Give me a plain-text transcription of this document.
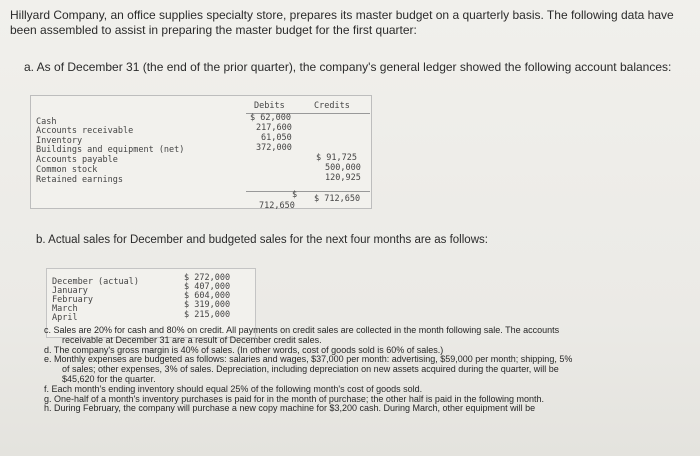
Hillyard Company, an office supplies specialty store, prepares its master budget on a quarterly basis. The following data have been assembled to assist in preparing the master budget for the first quarter:
a. As of December 31 (the end of the prior quarter), the company's general ledger showed the following account balances:
Debits	Credits
Cash
Accounts receivable
Inventory
Buildings and equipment (net)
Accounts payable
Common stock
Retained earnings
$ 62,000
217,600
61,050
372,000
$ 91,725
500,000
120,925
$
712,650
$ 712,650
b. Actual sales for December and budgeted sales for the next four months are as follows:
December (actual)
January
February
March
April
$ 272,000
$ 407,000
$ 604,000
$ 319,000
$ 215,000
c. Sales are 20% for cash and 80% on credit. All payments on credit sales are collected in the month following sale. The accounts
receivable at December 31 are a result of December credit sales.
d. The company's gross margin is 40% of sales. (In other words, cost of goods sold is 60% of sales.)
e. Monthly expenses are budgeted as follows: salaries and wages, $37,000 per month: advertising, $59,000 per month; shipping, 5%
of sales; other expenses, 3% of sales. Depreciation, including depreciation on new assets acquired during the quarter, will be
$45,620 for the quarter.
f. Each month's ending inventory should equal 25% of the following month's cost of goods sold.
g. One-half of a month's inventory purchases is paid for in the month of purchase; the other half is paid in the following month.
h. During February, the company will purchase a new copy machine for $3,200 cash. During March, other equipment will be
